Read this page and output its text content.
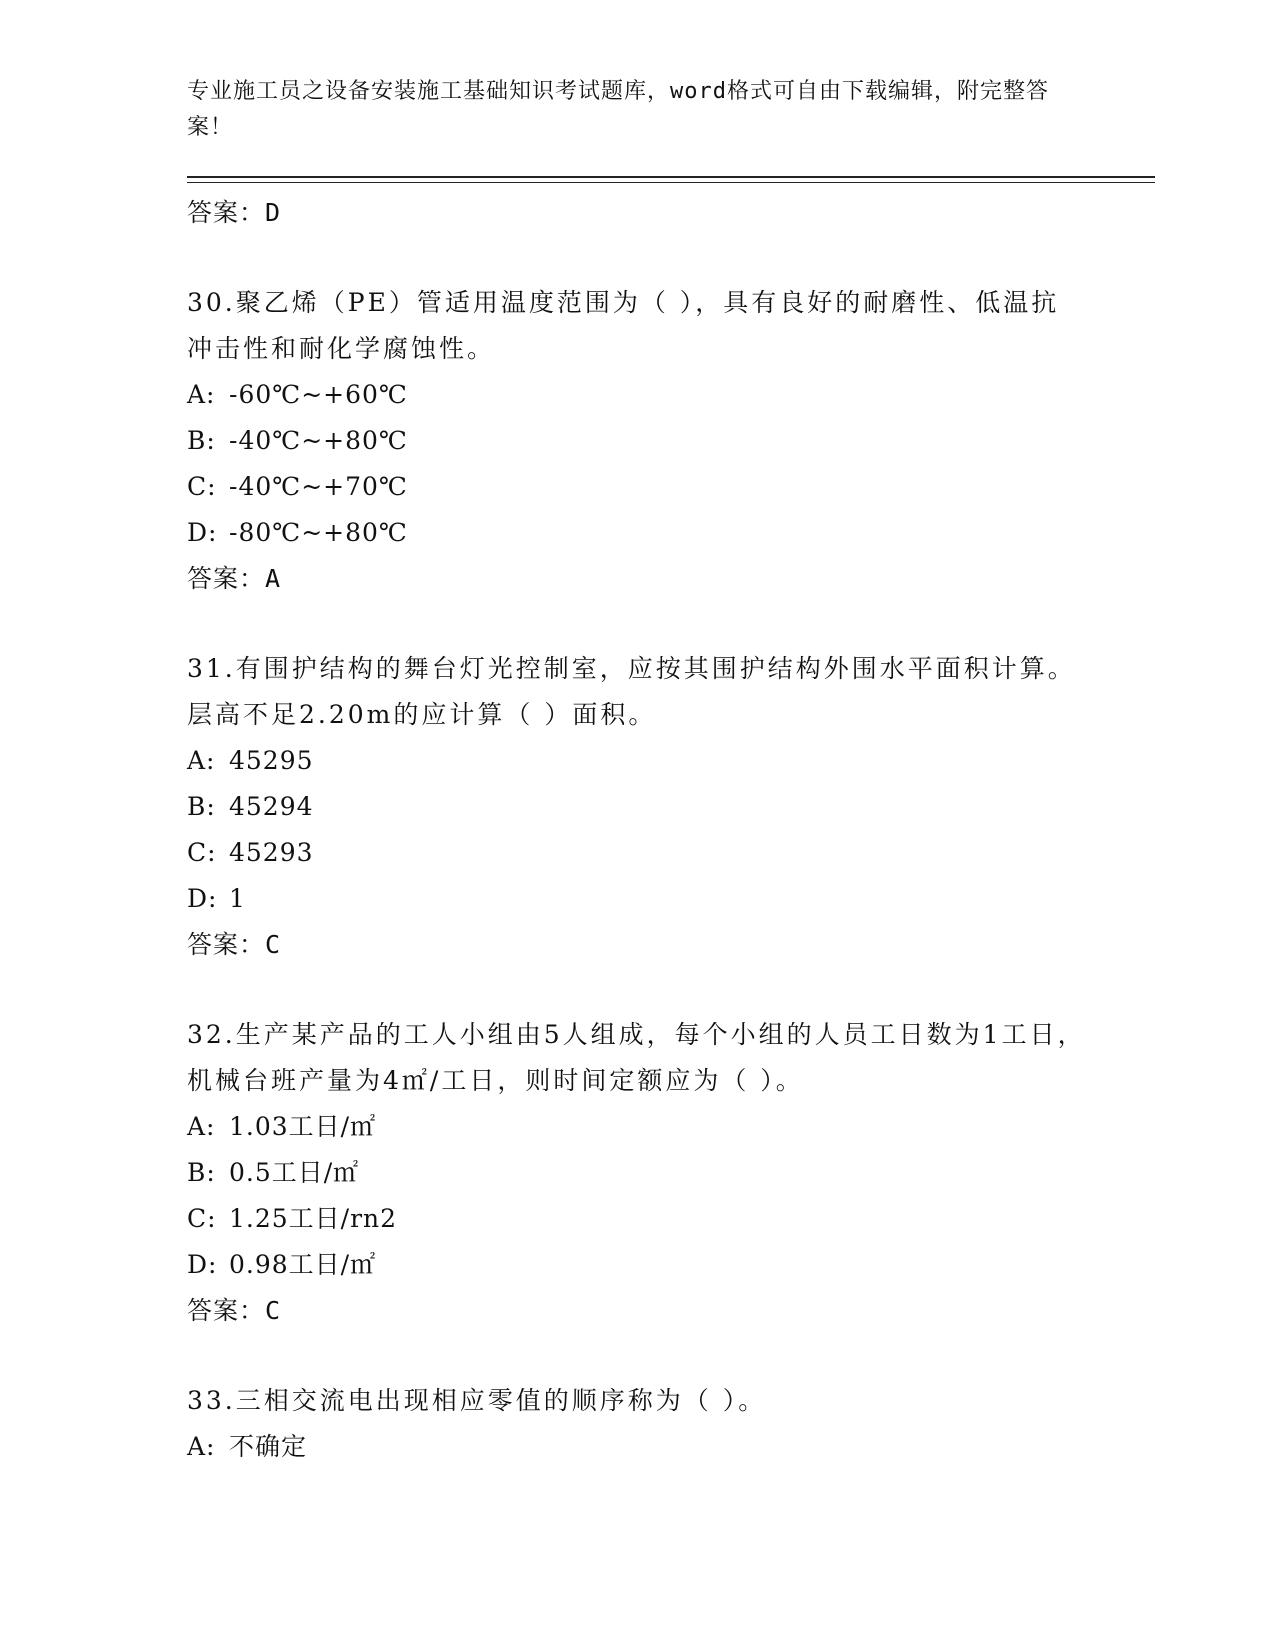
专业施工员之设备安装施工基础知识考试题库，word格式可自由下载编辑，附完整答案！
答案：D
30.聚乙烯（PE）管适用温度范围为（ ），具有良好的耐磨性、低温抗冲击性和耐化学腐蚀性。
A: -60℃~+60℃
B: -40℃~+80℃
C: -40℃~+70℃
D: -80℃~+80℃
答案：A
31.有围护结构的舞台灯光控制室，应按其围护结构外围水平面积计算。层高不足2.20m的应计算（ ）面积。
A: 45295
B: 45294
C: 45293
D: 1
答案：C
32.生产某产品的工人小组由5人组成，每个小组的人员工日数为1工日，机械台班产量为4㎡/工日，则时间定额应为（ ）。
A: 1.03工日/㎡
B: 0.5工日/㎡
C: 1.25工日/rn2
D: 0.98工日/㎡
答案：C
33.三相交流电出现相应零值的顺序称为（ ）。
A: 不确定
